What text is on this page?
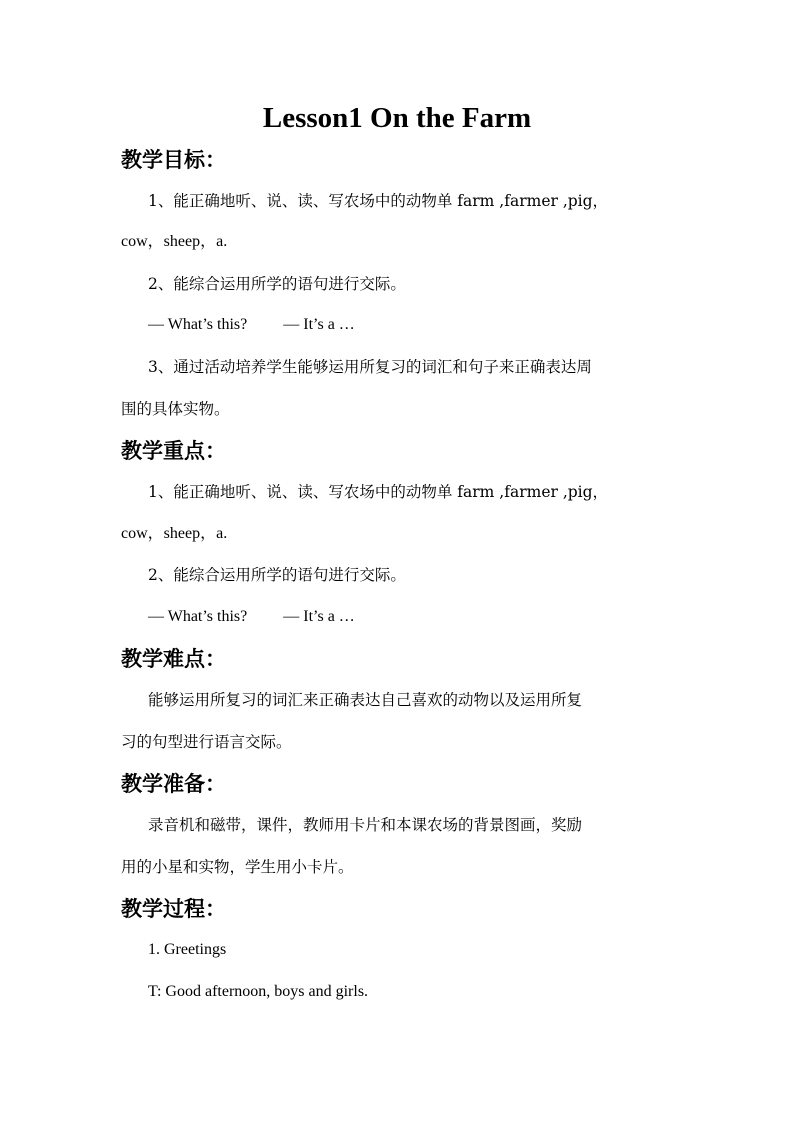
Lesson1 On the Farm
教学目标：
1、能正确地听、说、读、写农场中的动物单 farm ,farmer ,pig，
cow，sheep，a.
2、能综合运用所学的语句进行交际。
— What’s this? — It’s a …
3、通过活动培养学生能够运用所复习的词汇和句子来正确表达周
围的具体实物。
教学重点：
1、能正确地听、说、读、写农场中的动物单 farm ,farmer ,pig，
cow，sheep，a.
2、能综合运用所学的语句进行交际。
— What’s this? — It’s a …
教学难点：
能够运用所复习的词汇来正确表达自己喜欢的动物以及运用所复
习的句型进行语言交际。
教学准备：
录音机和磁带，课件，教师用卡片和本课农场的背景图画，奖励
用的小星和实物，学生用小卡片。
教学过程：
1. Greetings
T: Good afternoon, boys and girls.
